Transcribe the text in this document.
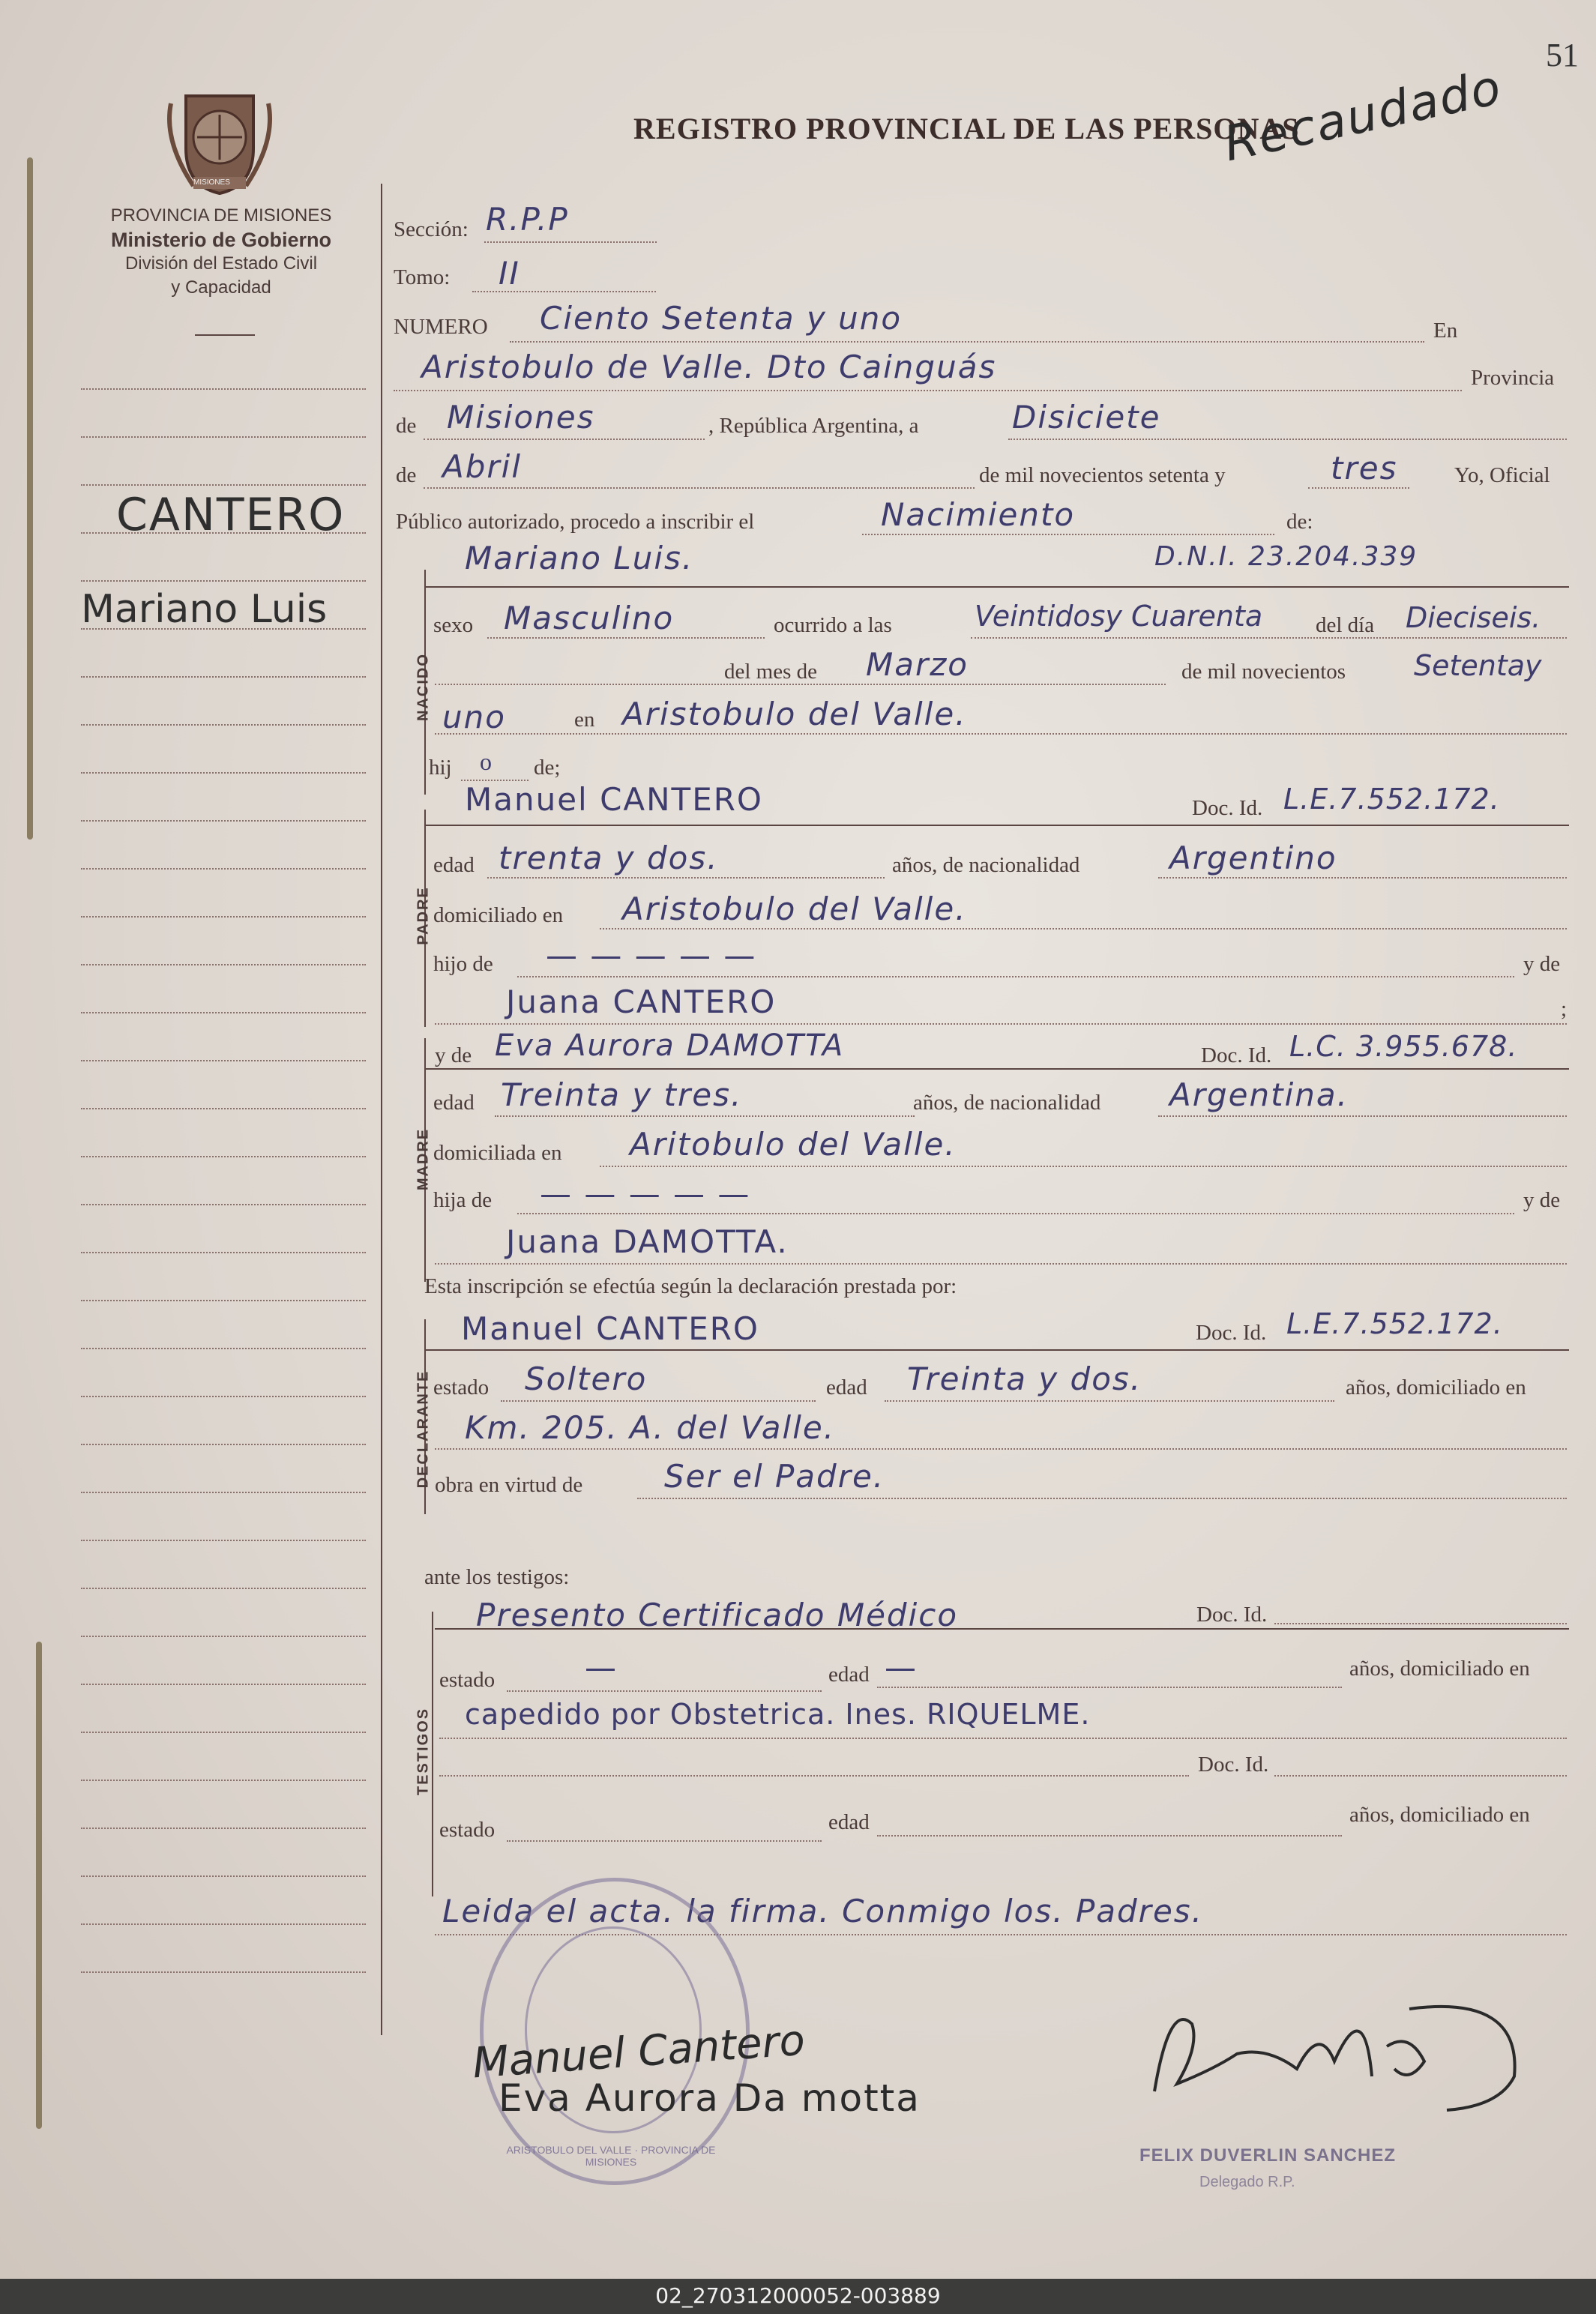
51
REGISTRO PROVINCIAL DE LAS PERSONAS
Recaudado
MISIONES
PROVINCIA DE MISIONES
Ministerio de Gobierno
División del Estado Civil
y Capacidad
CANTERO
Mariano Luis
Sección: R.P.P
Tomo: II
NUMERO Ciento Setenta y uno	En
Aristobulo de Valle. Dto Cainguás	Provincia
de Misiones	, República Argentina, a	Disiciete
de Abril	de mil novecientos setenta y	tres	Yo, Oficial
Público autorizado, procedo a inscribir el	Nacimiento	de:
NACIDO
Mariano Luis.	D.N.I. 23.204.339
sexo Masculino	ocurrido a las	Veintidosy Cuarenta del día Dieciseis.
del mes de Marzo	de mil novecientos Setentay
uno	en Aristobulo del Valle.
hij o de;
PADRE
Manuel CANTERO	Doc. Id. L.E.7.552.172.
edad trenta y dos.	años, de nacionalidad	Argentino
domiciliado en Aristobulo del Valle.
hijo de — — — — —	y de
Juana CANTERO	;
MADRE
y de Eva Aurora DAMOTTA	Doc. Id. L.C. 3.955.678.
edad Treinta y tres.	años, de nacionalidad Argentina.
domiciliada en Aritobulo del Valle.
hija de — — — — —	y de
Juana DAMOTTA.
Esta inscripción se efectúa según la declaración prestada por:
DECLARANTE
Manuel CANTERO	Doc. Id. L.E.7.552.172.
estado Soltero	edad Treinta y dos.	años, domiciliado en
Km. 205. A. del Valle.
obra en virtud de	Ser el Padre.
ante los testigos:
TESTIGOS
Presento Certificado Médico	Doc. Id.
estado	—	edad —	años, domiciliado en
capedido por Obstetrica. Ines. RIQUELME.
Doc. Id.
estado	edad	años, domiciliado en
Leida el acta. la firma. Conmigo los. Padres.
ARISTOBULO DEL VALLE · PROVINCIA DE MISIONES
Manuel Cantero
Eva Aurora Da motta
FELIX DUVERLIN SANCHEZ
Delegado R.P.
02_270312000052-003889
